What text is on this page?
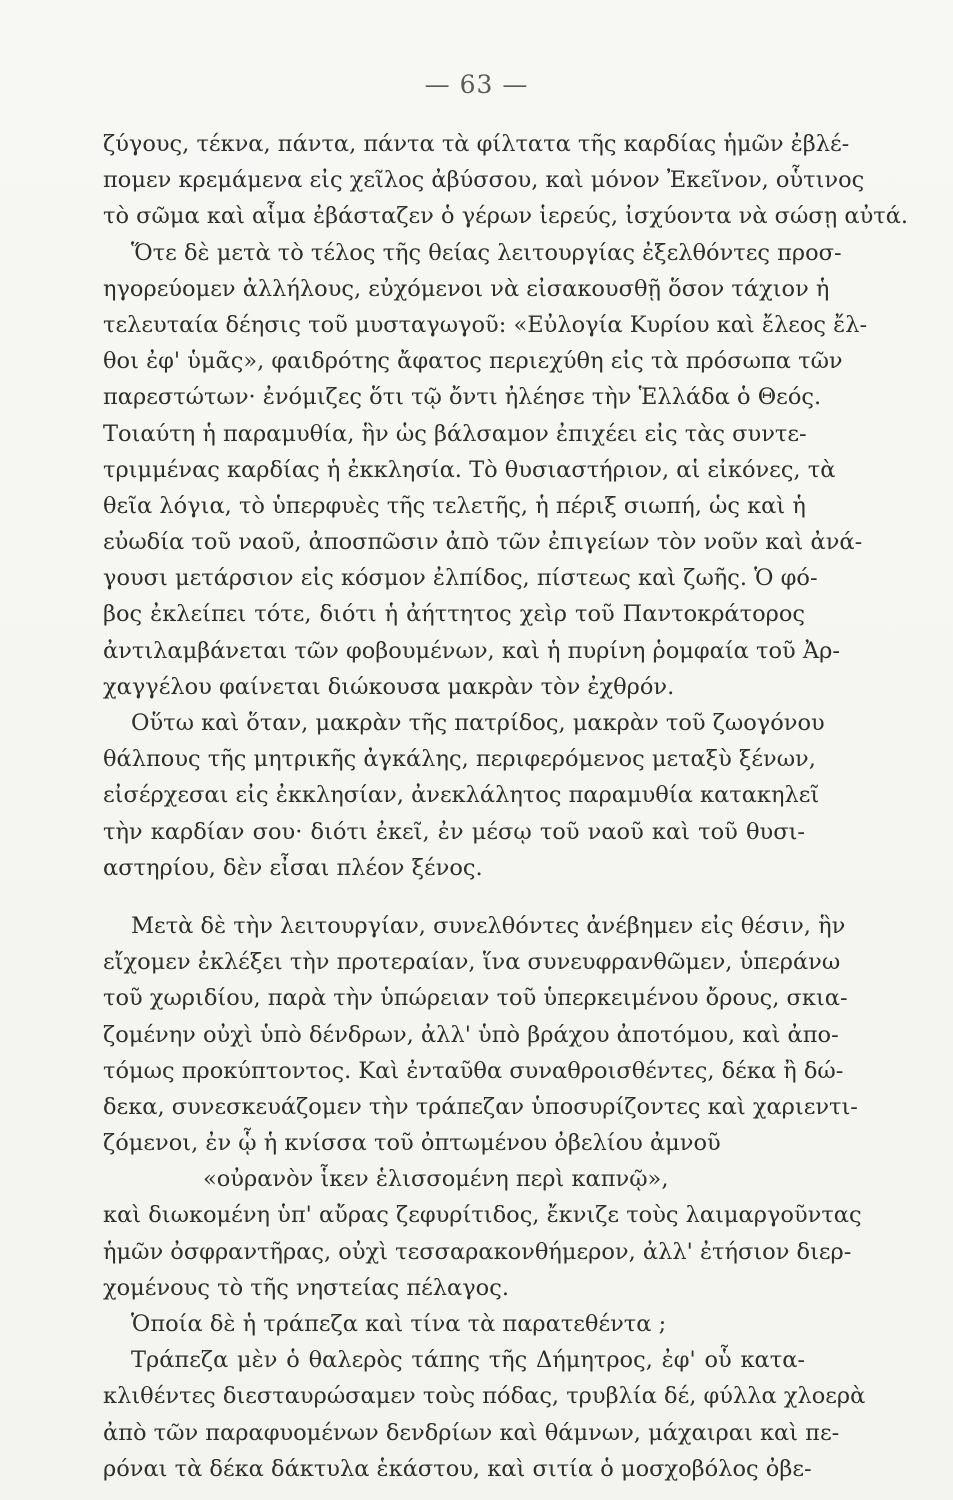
— 63 —
ζύγους, τέκνα, πάντα, πάντα τὰ φίλτατα τῆς καρδίας ἡμῶν ἐβλέ-
πομεν κρεμάμενα εἰς χεῖλος ἀβύσσου, καὶ μόνον Ἐκεῖνον, οὗτινος
τὸ σῶμα καὶ αἷμα ἐβάσταζεν ὁ γέρων ἱερεύς, ἰσχύοντα νὰ σώσῃ αὐτά.
Ὅτε δὲ μετὰ τὸ τέλος τῆς θείας λειτουργίας ἐξελθόντες προσ-
ηγορεύομεν ἀλλήλους, εὐχόμενοι νὰ εἰσακουσθῇ ὅσον τάχιον ἡ
τελευταία δέησις τοῦ μυσταγωγοῦ: «Εὐλογία Κυρίου καὶ ἔλεος ἔλ-
θοι ἐφ' ὑμᾶς», φαιδρότης ἄφατος περιεχύθη εἰς τὰ πρόσωπα τῶν
παρεστώτων· ἐνόμιζες ὅτι τῷ ὄντι ἠλέησε τὴν Ἑλλάδα ὁ Θεός.
Τοιαύτη ἡ παραμυθία, ἣν ὡς βάλσαμον ἐπιχέει εἰς τὰς συντε-
τριμμένας καρδίας ἡ ἐκκλησία. Τὸ θυσιαστήριον, αἱ εἰκόνες, τὰ
θεῖα λόγια, τὸ ὑπερφυὲς τῆς τελετῆς, ἡ πέριξ σιωπή, ὡς καὶ ἡ
εὐωδία τοῦ ναοῦ, ἀποσπῶσιν ἀπὸ τῶν ἐπιγείων τὸν νοῦν καὶ ἀνά-
γουσι μετάρσιον εἰς κόσμον ἐλπίδος, πίστεως καὶ ζωῆς. Ὁ φό-
βος ἐκλείπει τότε, διότι ἡ ἀήττητος χεὶρ τοῦ Παντοκράτορος
ἀντιλαμβάνεται τῶν φοβουμένων, καὶ ἡ πυρίνη ῥομφαία τοῦ Ἀρ-
χαγγέλου φαίνεται διώκουσα μακρὰν τὸν ἐχθρόν.
Οὕτω καὶ ὅταν, μακρὰν τῆς πατρίδος, μακρὰν τοῦ ζωογόνου
θάλπους τῆς μητρικῆς ἀγκάλης, περιφερόμενος μεταξὺ ξένων,
εἰσέρχεσαι εἰς ἐκκλησίαν, ἀνεκλάλητος παραμυθία κατακηλεῖ
τὴν καρδίαν σου· διότι ἐκεῖ, ἐν μέσῳ τοῦ ναοῦ καὶ τοῦ θυσι-
αστηρίου, δὲν εἶσαι πλέον ξένος.
Μετὰ δὲ τὴν λειτουργίαν, συνελθόντες ἀνέβημεν εἰς θέσιν, ἣν
εἴχομεν ἐκλέξει τὴν προτεραίαν, ἵνα συνευφρανθῶμεν, ὑπεράνω
τοῦ χωριδίου, παρὰ τὴν ὑπώρειαν τοῦ ὑπερκειμένου ὄρους, σκια-
ζομένην οὐχὶ ὑπὸ δένδρων, ἀλλ' ὑπὸ βράχου ἀποτόμου, καὶ ἀπο-
τόμως προκύπτοντος. Καὶ ἐνταῦθα συναθροισθέντες, δέκα ἢ δώ-
δεκα, συνεσκευάζομεν τὴν τράπεζαν ὑποσυρίζοντες καὶ χαριεντι-
ζόμενοι, ἐν ᾧ ἡ κνίσσα τοῦ ὀπτωμένου ὀβελίου ἀμνοῦ
«οὐρανὸν ἷκεν ἑλισσομένη περὶ καπνῷ»,
καὶ διωκομένη ὑπ' αὔρας ζεφυρίτιδος, ἔκνιζε τοὺς λαιμαργοῦντας
ἡμῶν ὀσφραντῆρας, οὐχὶ τεσσαρακονθήμερον, ἀλλ' ἐτήσιον διερ-
χομένους τὸ τῆς νηστείας πέλαγος.
Ὁποία δὲ ἡ τράπεζα καὶ τίνα τὰ παρατεθέντα ;
Τράπεζα μὲν ὁ θαλερὸς τάπης τῆς Δήμητρος, ἐφ' οὗ κατα-
κλιθέντες διεσταυρώσαμεν τοὺς πόδας, τρυβλία δέ, φύλλα χλοερὰ
ἀπὸ τῶν παραφυομένων δενδρίων καὶ θάμνων, μάχαιραι καὶ πε-
ρόναι τὰ δέκα δάκτυλα ἑκάστου, καὶ σιτία ὁ μοσχοβόλος ὀβε-
